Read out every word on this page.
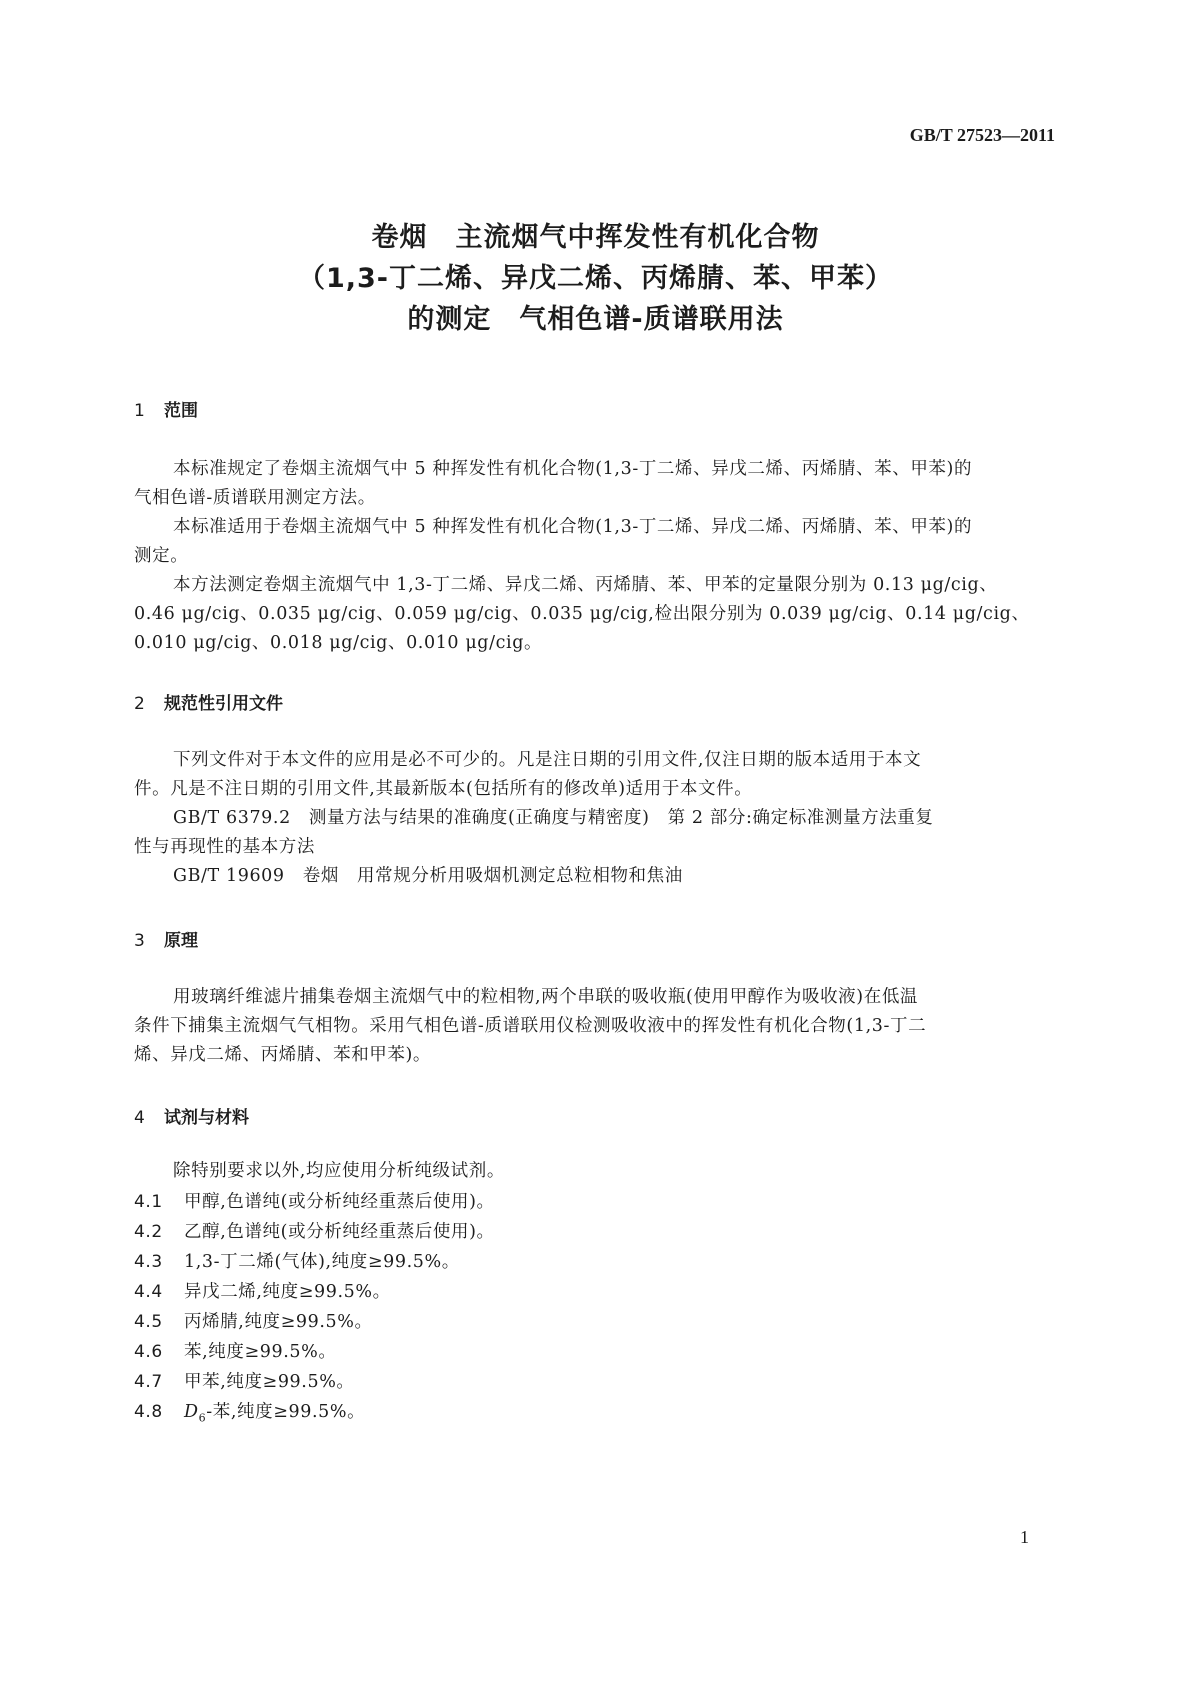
GB/T 27523—2011
卷烟　主流烟气中挥发性有机化合物
（1,3-丁二烯、异戊二烯、丙烯腈、苯、甲苯）
的测定　气相色谱-质谱联用法
1 范围
本标准规定了卷烟主流烟气中 5 种挥发性有机化合物(1,3-丁二烯、异戊二烯、丙烯腈、苯、甲苯)的
气相色谱-质谱联用测定方法。
本标准适用于卷烟主流烟气中 5 种挥发性有机化合物(1,3-丁二烯、异戊二烯、丙烯腈、苯、甲苯)的
测定。
本方法测定卷烟主流烟气中 1,3-丁二烯、异戊二烯、丙烯腈、苯、甲苯的定量限分别为 0.13 μg/cig、
0.46 μg/cig、0.035 μg/cig、0.059 μg/cig、0.035 μg/cig,检出限分别为 0.039 μg/cig、0.14 μg/cig、
0.010 μg/cig、0.018 μg/cig、0.010 μg/cig。
2 规范性引用文件
下列文件对于本文件的应用是必不可少的。凡是注日期的引用文件,仅注日期的版本适用于本文
件。凡是不注日期的引用文件,其最新版本(包括所有的修改单)适用于本文件。
GB/T 6379.2　测量方法与结果的准确度(正确度与精密度)　第 2 部分:确定标准测量方法重复
性与再现性的基本方法
GB/T 19609　卷烟　用常规分析用吸烟机测定总粒相物和焦油
3 原理
用玻璃纤维滤片捕集卷烟主流烟气中的粒相物,两个串联的吸收瓶(使用甲醇作为吸收液)在低温
条件下捕集主流烟气气相物。采用气相色谱-质谱联用仪检测吸收液中的挥发性有机化合物(1,3-丁二
烯、异戊二烯、丙烯腈、苯和甲苯)。
4 试剂与材料
除特别要求以外,均应使用分析纯级试剂。
4.1 甲醇,色谱纯(或分析纯经重蒸后使用)。
4.2 乙醇,色谱纯(或分析纯经重蒸后使用)。
4.3 1,3-丁二烯(气体),纯度≥99.5%。
4.4 异戊二烯,纯度≥99.5%。
4.5 丙烯腈,纯度≥99.5%。
4.6 苯,纯度≥99.5%。
4.7 甲苯,纯度≥99.5%。
4.8 $D_6-$苯,纯度≥99.5%。
1
